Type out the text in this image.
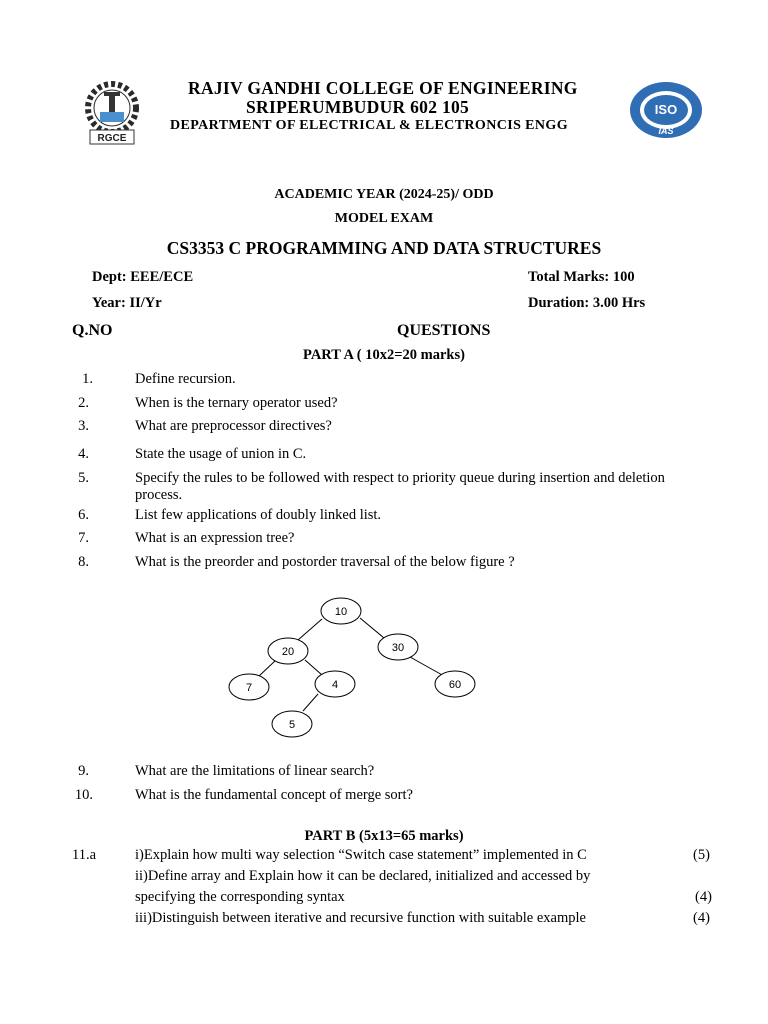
RGCE
RAJIV GANDHI COLLEGE OF ENGINEERING
SRIPERUMBUDUR 602 105
DEPARTMENT OF ELECTRICAL & ELECTRONCIS ENGG
ISO
IAS
ACADEMIC YEAR (2024-25)/ ODD
MODEL EXAM
CS3353 C PROGRAMMING AND DATA STRUCTURES
Dept: EEE/ECE	Total Marks: 100
Year: II/Yr	Duration: 3.00 Hrs
Q.NO	QUESTIONS
PART A ( 10x2=20 marks)
1.	Define recursion.
2.	When is the ternary operator used?
3.	What are preprocessor directives?
4.	State the usage of union in C.
5.	Specify the rules to be followed with respect to priority queue during insertion and deletion process.
6.	List few applications of doubly linked list.
7.	What is an expression tree?
8.	What is the preorder and postorder traversal of the below figure ?
10
20	30
7	4	60
5
9.	What are the limitations of linear search?
10.	What is the fundamental concept of merge sort?
PART B (5x13=65 marks)
11.a	i)Explain how multi way selection “Switch case statement” implemented in C	(5)
ii)Define array and Explain how it can be declared, initialized and accessed by
specifying the corresponding syntax	(4)
iii)Distinguish between iterative and recursive function with suitable example	(4)
